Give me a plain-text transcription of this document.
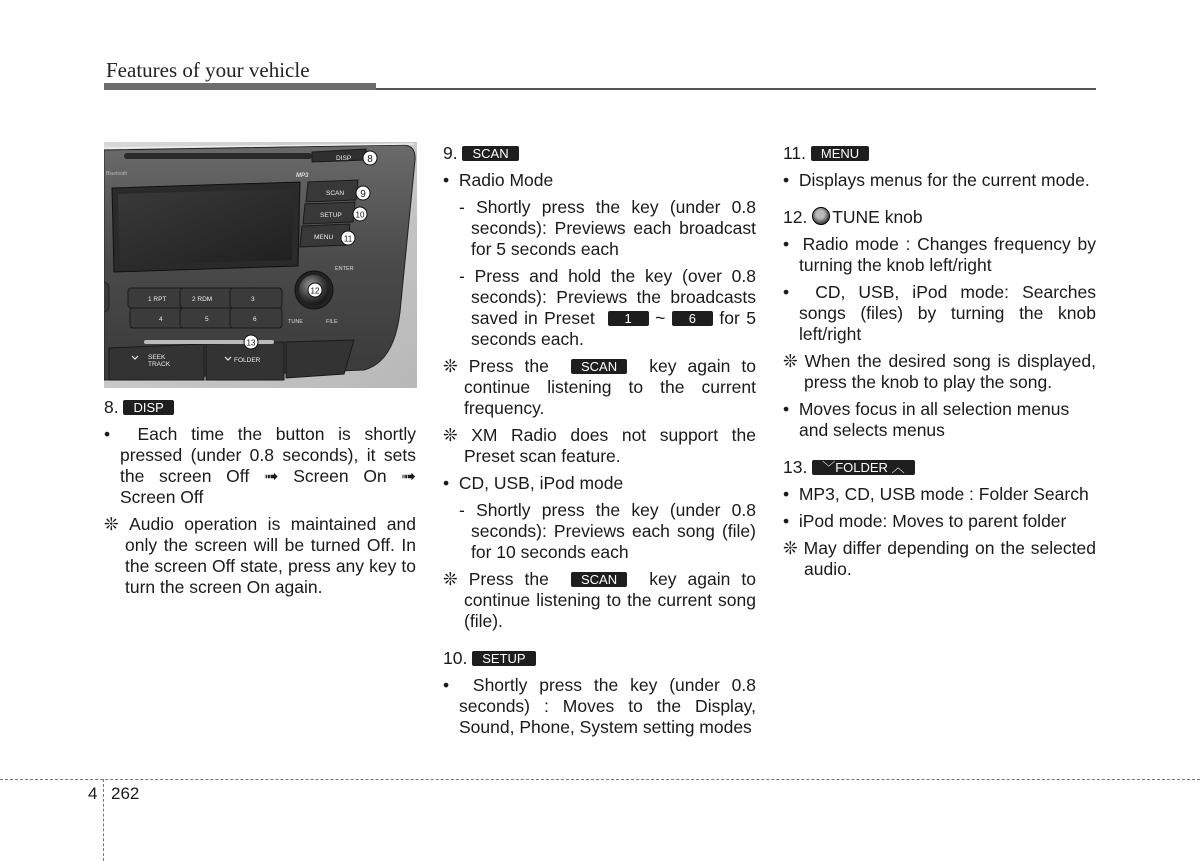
Features of your vehicle
Bluetooth	MP3
DISP
SCAN
SETUP
MENU
ENTER
TUNE	FILE
1 RPT	2 RDM	3
4	5	6
SEEK
TRACK
FOLDER
8
9
10
11
12
13

8. DISP

•  Each time the button is shortly pressed (under 0.8 seconds), it sets the screen Off ➟ Screen On ➟ Screen Off

❊ Audio operation is maintained and only the screen will be turned Off. In the screen Off state, press any key to turn the screen On again.

9. SCAN

•  Radio Mode

- Shortly press the key (under 0.8 seconds): Previews each broadcast for 5 seconds each

- Press and hold the key (over 0.8 seconds): Previews the broadcasts saved in Preset 1 ~ 6 for 5 seconds each.

❊ Press the SCAN key again to continue listening to the current frequency.

❊ XM Radio does not support the Preset scan feature.

•  CD, USB, iPod mode

- Shortly press the key (under 0.8 seconds): Previews each song (file) for 10 seconds each

❊ Press the SCAN key again to continue listening to the current song (file).

10. SETUP

•  Shortly press the key (under 0.8 seconds) : Moves to the Display, Sound, Phone, System setting modes

11. MENU

•  Displays menus for the current mode.

12. TUNE knob

•  Radio mode : Changes frequency by turning the knob left/right

•  CD, USB, iPod mode: Searches songs (files) by turning the knob left/right

❊ When the desired song is displayed, press the knob to play the song.

•  Moves focus in all selection menus and selects menus

13. ﹀FOLDER ︿

•  MP3, CD, USB mode : Folder Search

•  iPod mode: Moves to parent folder

❊ May differ depending on the selected audio.

4 262
